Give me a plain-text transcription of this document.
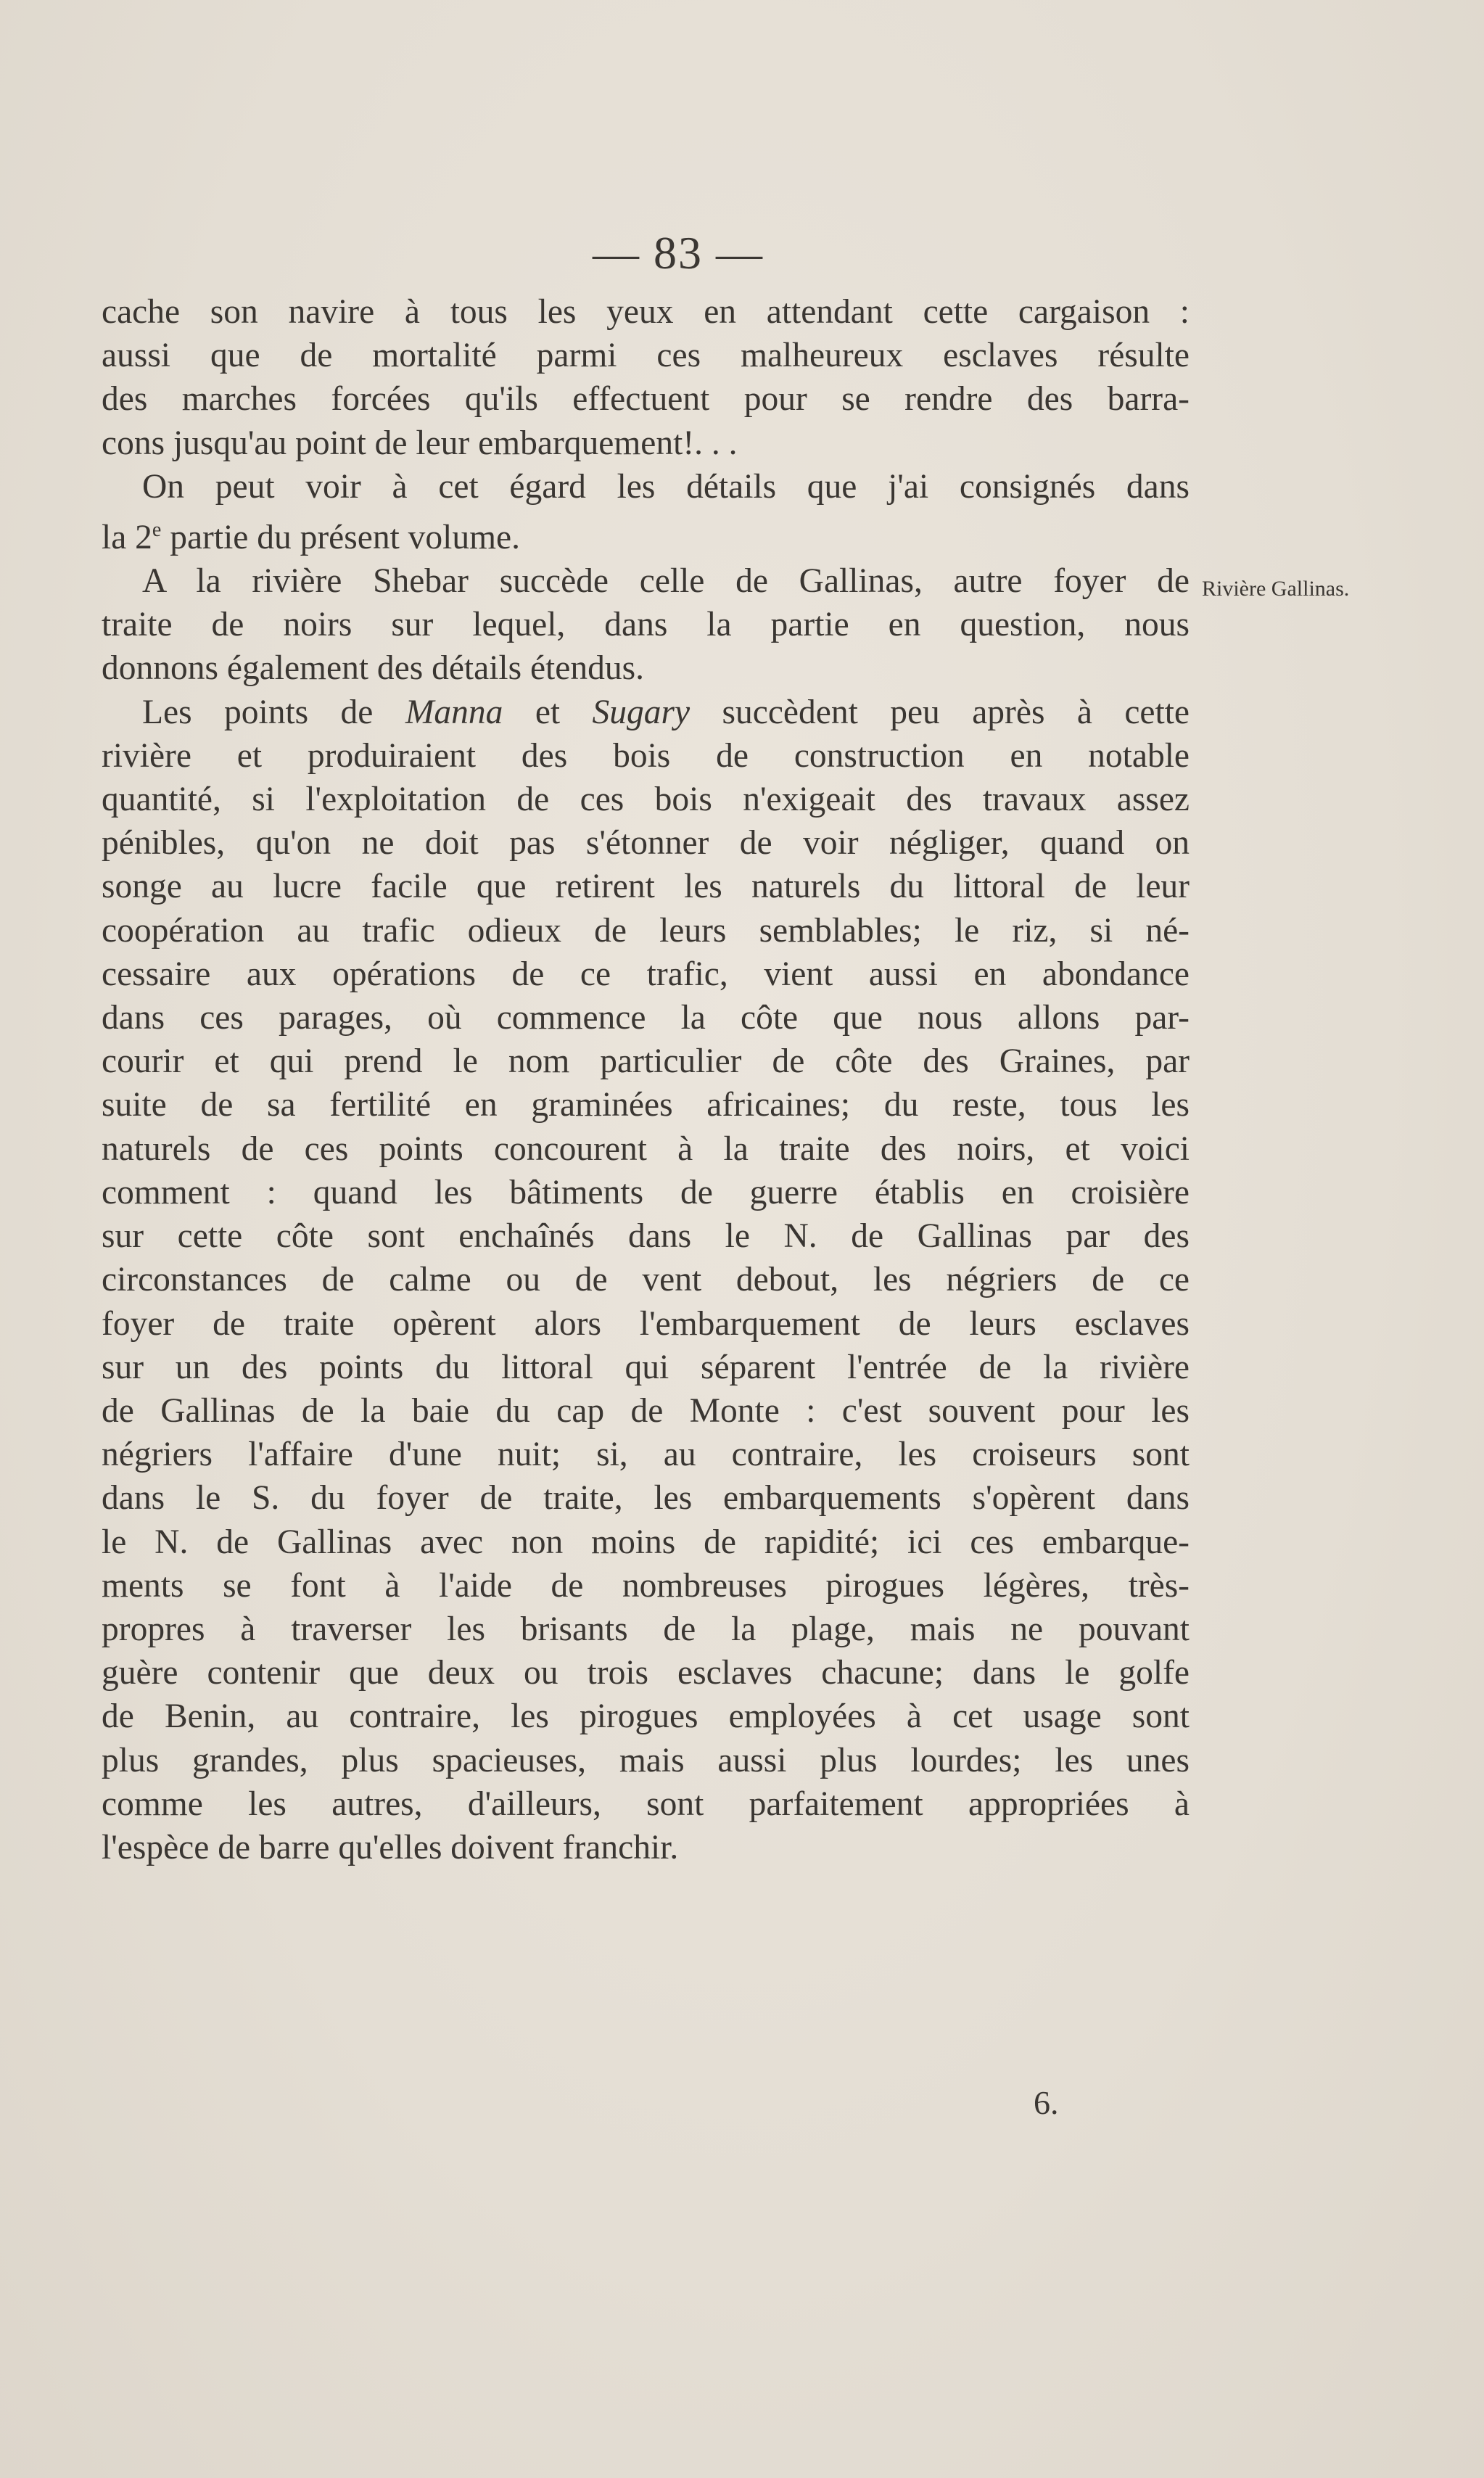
— 83 —

cache son navire à tous les yeux en attendant cette cargaison :

aussi que de mortalité parmi ces malheureux esclaves résulte

des marches forcées qu'ils effectuent pour se rendre des barra-

cons jusqu'au point de leur embarquement!. . .

On peut voir à cet égard les détails que j'ai consignés dans

la 2e partie du présent volume.

A la rivière Shebar succède celle de Gallinas, autre foyer de

traite de noirs sur lequel, dans la partie en question, nous

donnons également des détails étendus.

Les points de Manna et Sugary succèdent peu après à cette

rivière et produiraient des bois de construction en notable

quantité, si l'exploitation de ces bois n'exigeait des travaux assez

pénibles, qu'on ne doit pas s'étonner de voir négliger, quand on

songe au lucre facile que retirent les naturels du littoral de leur

coopération au trafic odieux de leurs semblables; le riz, si né-

cessaire aux opérations de ce trafic, vient aussi en abondance

dans ces parages, où commence la côte que nous allons par-

courir et qui prend le nom particulier de côte des Graines, par

suite de sa fertilité en graminées africaines; du reste, tous les

naturels de ces points concourent à la traite des noirs, et voici

comment : quand les bâtiments de guerre établis en croisière

sur cette côte sont enchaînés dans le N. de Gallinas par des

circonstances de calme ou de vent debout, les négriers de ce

foyer de traite opèrent alors l'embarquement de leurs esclaves

sur un des points du littoral qui séparent l'entrée de la rivière

de Gallinas de la baie du cap de Monte : c'est souvent pour les

négriers l'affaire d'une nuit; si, au contraire, les croiseurs sont

dans le S. du foyer de traite, les embarquements s'opèrent dans

le N. de Gallinas avec non moins de rapidité; ici ces embarque-

ments se font à l'aide de nombreuses pirogues légères, très-

propres à traverser les brisants de la plage, mais ne pouvant

guère contenir que deux ou trois esclaves chacune; dans le golfe

de Benin, au contraire, les pirogues employées à cet usage sont

plus grandes, plus spacieuses, mais aussi plus lourdes; les unes

comme les autres, d'ailleurs, sont parfaitement appropriées à

l'espèce de barre qu'elles doivent franchir.

Rivière Gallinas.
6.
